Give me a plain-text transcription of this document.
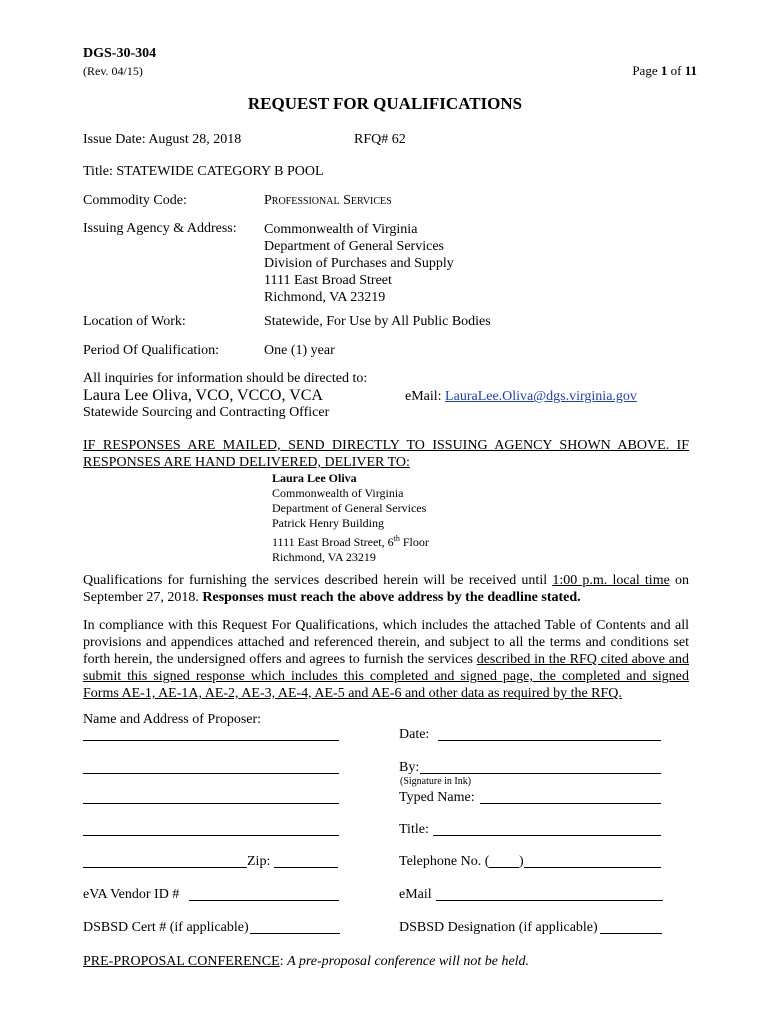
DGS-30-304
(Rev. 04/15)	Page 1 of 11
REQUEST FOR QUALIFICATIONS
Issue Date: August 28, 2018	RFQ# 62
Title: STATEWIDE CATEGORY B POOL
Commodity Code:	Professional Services
Issuing Agency & Address: Commonwealth of Virginia
Department of General Services
Division of Purchases and Supply
1111 East Broad Street
Richmond, VA 23219
Location of Work:	Statewide, For Use by All Public Bodies
Period Of Qualification:	One (1) year
All inquiries for information should be directed to:
Laura Lee Oliva, VCO, VCCO, VCA	eMail: LauraLee.Oliva@dgs.virginia.gov
Statewide Sourcing and Contracting Officer
IF RESPONSES ARE MAILED, SEND DIRECTLY TO ISSUING AGENCY SHOWN ABOVE. IF
RESPONSES ARE HAND DELIVERED, DELIVER TO:
Laura Lee Oliva
Commonwealth of Virginia
Department of General Services
Patrick Henry Building
1111 East Broad Street, 6th Floor
Richmond, VA 23219
Qualifications for furnishing the services described herein will be received until 1:00 p.m. local time on September 27, 2018. Responses must reach the above address by the deadline stated.
In compliance with this Request For Qualifications, which includes the attached Table of Contents and all provisions and appendices attached and referenced therein, and subject to all the terms and conditions set forth herein, the undersigned offers and agrees to furnish the services described in the RFQ cited above and submit this signed response which includes this completed and signed page, the completed and signed Forms AE-1, AE-1A, AE-2, AE-3, AE-4, AE-5 and AE-6 and other data as required by the RFQ.
Name and Address of Proposer:
Date:
By:
(Signature in Ink)
Typed Name:
Title:
Zip:	Telephone No. ( )
eVA Vendor ID #	eMail
DSBSD Cert # (if applicable)	DSBSD Designation (if applicable)
PRE-PROPOSAL CONFERENCE: A pre-proposal conference will not be held.
